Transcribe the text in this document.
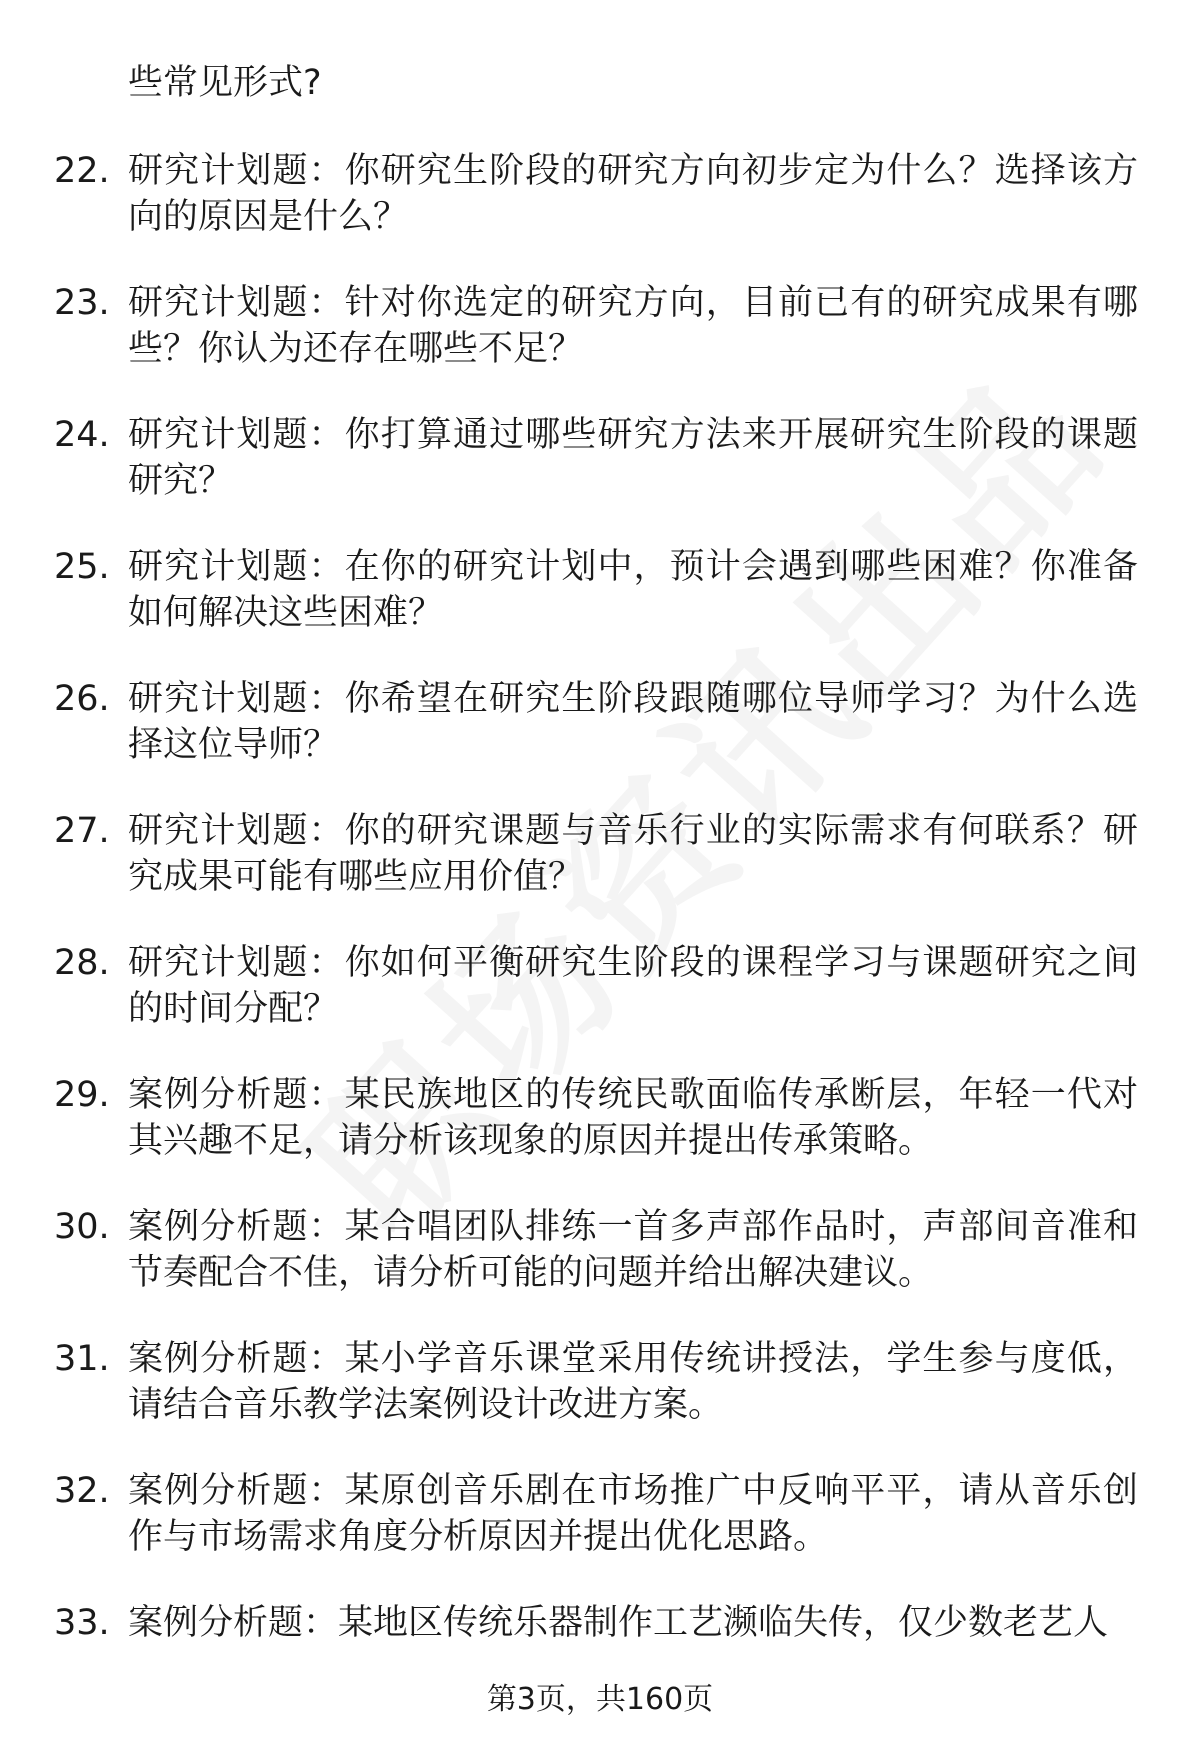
些常见形式?
22. 研究计划题：你研究生阶段的研究方向初步定为什么？选择该方向的原因是什么？
23. 研究计划题：针对你选定的研究方向，目前已有的研究成果有哪些？你认为还存在哪些不足？
24. 研究计划题：你打算通过哪些研究方法来开展研究生阶段的课题研究？
25. 研究计划题：在你的研究计划中，预计会遇到哪些困难？你准备如何解决这些困难？
26. 研究计划题：你希望在研究生阶段跟随哪位导师学习？为什么选择这位导师？
27. 研究计划题：你的研究课题与音乐行业的实际需求有何联系？研究成果可能有哪些应用价值？
28. 研究计划题：你如何平衡研究生阶段的课程学习与课题研究之间的时间分配？
29. 案例分析题：某民族地区的传统民歌面临传承断层，年轻一代对其兴趣不足，请分析该现象的原因并提出传承策略。
30. 案例分析题：某合唱团队排练一首多声部作品时，声部间音准和节奏配合不佳，请分析可能的问题并给出解决建议。
31. 案例分析题：某小学音乐课堂采用传统讲授法，学生参与度低，请结合音乐教学法案例设计改进方案。
32. 案例分析题：某原创音乐剧在市场推广中反响平平，请从音乐创作与市场需求角度分析原因并提出优化思路。
33. 案例分析题：某地区传统乐器制作工艺濒临失传，仅少数老艺人
第3页，共160页
